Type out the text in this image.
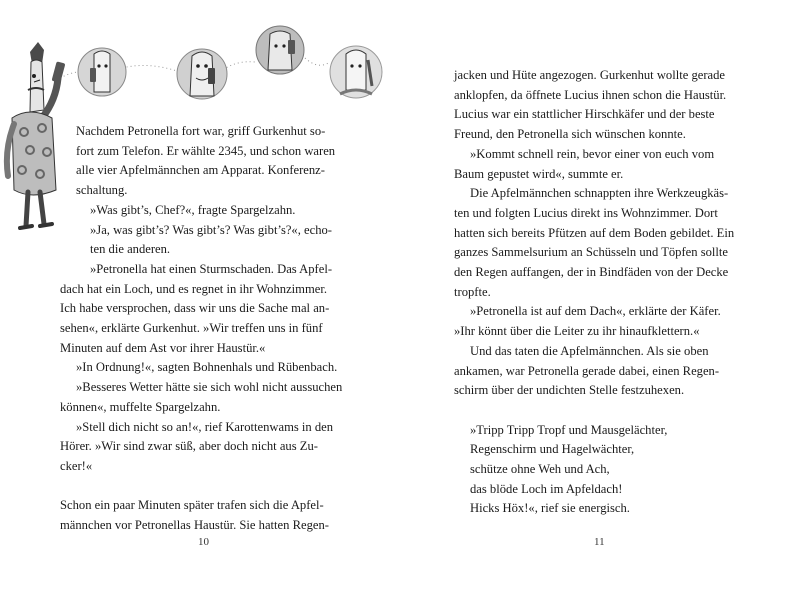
Nachdem Petronella fort war, griff Gurkenhut so-

fort zum Telefon. Er wählte 2345, und schon waren

alle vier Apfelmännchen am Apparat. Konferenz-

schaltung.

»Was gibt’s, Chef?«, fragte Spargelzahn.

»Ja, was gibt’s? Was gibt’s? Was gibt’s?«, echo-

ten die anderen.

»Petronella hat einen Sturmschaden. Das Apfel-

dach hat ein Loch, und es regnet in ihr Wohnzimmer.

Ich habe versprochen, dass wir uns die Sache mal an-

sehen«, erklärte Gurkenhut. »Wir treffen uns in fünf

Minuten auf dem Ast vor ihrer Haustür.«

»In Ordnung!«, sagten Bohnenhals und Rübenbach.

»Besseres Wetter hätte sie sich wohl nicht aussuchen

können«, muffelte Spargelzahn.

»Stell dich nicht so an!«, rief Karottenwams in den

Hörer. »Wir sind zwar süß, aber doch nicht aus Zu-

cker!«

Schon ein paar Minuten später trafen sich die Apfel-

männchen vor Petronellas Haustür. Sie hatten Regen-

jacken und Hüte angezogen. Gurkenhut wollte gerade

anklopfen, da öffnete Lucius ihnen schon die Haustür.

Lucius war ein stattlicher Hirschkäfer und der beste

Freund, den Petronella sich wünschen konnte.

»Kommt schnell rein, bevor einer von euch vom

Baum gepustet wird«, summte er.

Die Apfelmännchen schnappten ihre Werkzeugkäs-

ten und folgten Lucius direkt ins Wohnzimmer. Dort

hatten sich bereits Pfützen auf dem Boden gebildet. Ein

ganzes Sammelsurium an Schüsseln und Töpfen sollte

den Regen auffangen, der in Bindfäden von der Decke

tropfte.

»Petronella ist auf dem Dach«, erklärte der Käfer.

»Ihr könnt über die Leiter zu ihr hinaufklettern.«

Und das taten die Apfelmännchen. Als sie oben

ankamen, war Petronella gerade dabei, einen Regen-

schirm über der undichten Stelle festzuhexen.

»Tripp Tripp Tropf und Mausgelächter,

Regenschirm und Hagelwächter,

schütze ohne Weh und Ach,

das blöde Loch im Apfeldach!

Hicks Höx!«, rief sie energisch.

10	11
